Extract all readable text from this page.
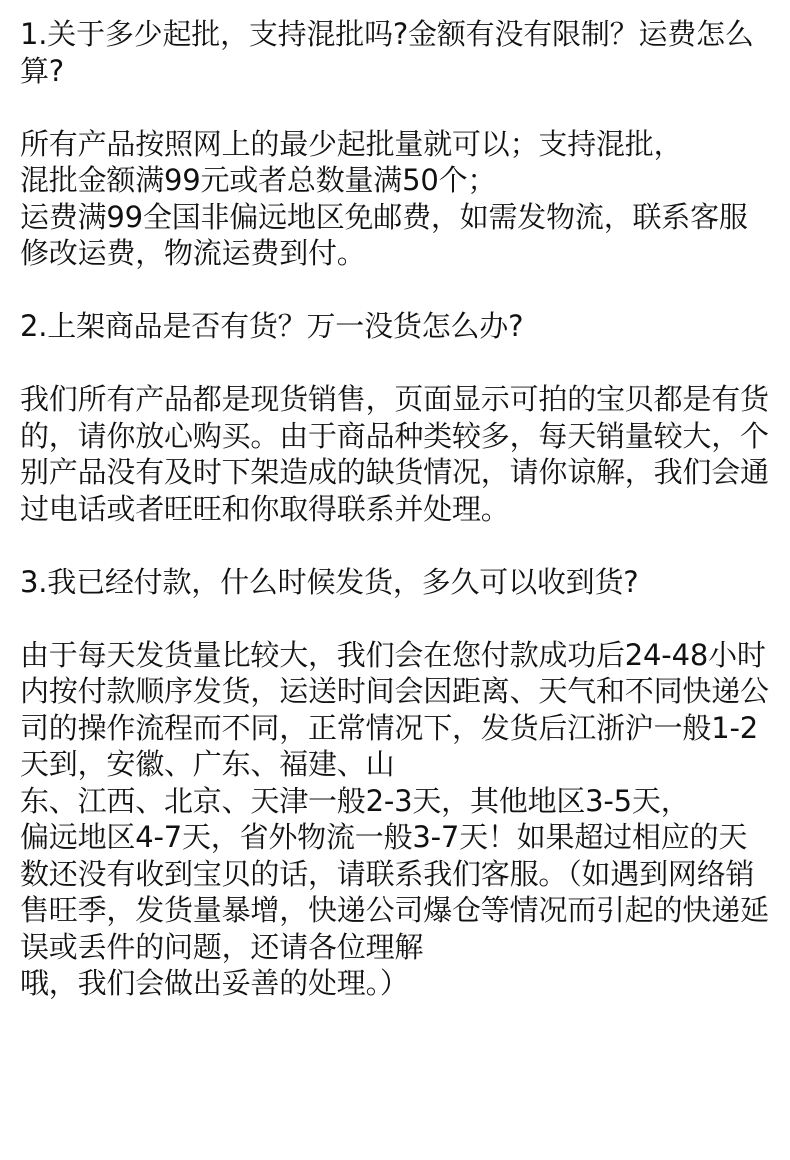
1.关于多少起批，支持混批吗?金额有没有限制？运费怎么算?

所有产品按照网上的最少起批量就可以；支持混批，
混批金额满99元或者总数量满50个；
运费满99全国非偏远地区免邮费，如需发物流，联系客服修改运费，物流运费到付。

2.上架商品是否有货？万一没货怎么办?

我们所有产品都是现货销售，页面显示可拍的宝贝都是有货的，请你放心购买。由于商品种类较多，每天销量较大，个别产品没有及时下架造成的缺货情况，请你谅解，我们会通过电话或者旺旺和你取得联系并处理。

3.我已经付款，什么时候发货，多久可以收到货?

由于每天发货量比较大，我们会在您付款成功后24-48小时内按付款顺序发货，运送时间会因距离、天气和不同快递公司的操作流程而不同，正常情况下，发货后江浙沪一般1-2天到，安徽、广东、福建、山
东、江西、北京、天津一般2-3天，其他地区3-5天，
偏远地区4-7天，省外物流一般3-7天！如果超过相应的天数还没有收到宝贝的话，请联系我们客服。（如遇到网络销售旺季，发货量暴增，快递公司爆仓等情况而引起的快递延误或丢件的问题，还请各位理解
哦，我们会做出妥善的处理。）
